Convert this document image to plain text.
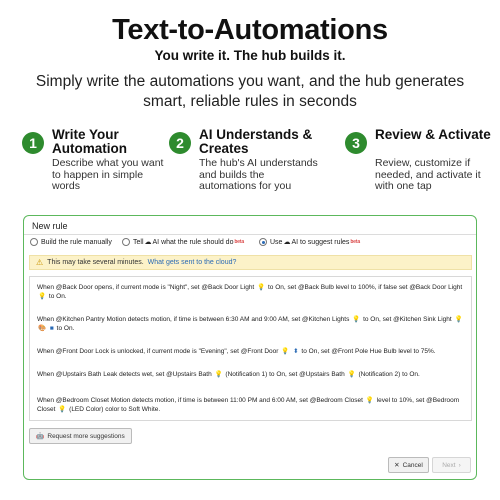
Text-to-Automations
You write it. The hub builds it.
Simply write the automations you want, and the hub generates smart, reliable rules in seconds
1
Write Your Automation
Describe what you want to happen in simple words
2
AI Understands & Creates
The hub's AI understands and builds the automations for you
3
Review & Activate
Review, customize if needed, and activate it with one tap
New rule
Build the rule manually	Tell ☁ AI what the rule should do beta	Use ☁ AI to suggest rules beta
⚠ This may take several minutes. What gets sent to the cloud?
When @Back Door opens, if current mode is "Night", set @Back Door Light 💡 to On, set @Back Bulb level to 100%, if false set @Back Door Light 💡 to On.
When @Kitchen Pantry Motion detects motion, if time is between 6:30 AM and 9:00 AM, set @Kitchen Lights 💡 to On, set @Kitchen Sink Light 💡 🎨 ■ to On.
When @Front Door Lock is unlocked, if current mode is "Evening", set @Front Door 💡 ⬍ to On, set @Front Pole Hue Bulb level to 75%.
When @Upstairs Bath Leak detects wet, set @Upstairs Bath 💡 (Notification 1) to On, set @Upstairs Bath 💡 (Notification 2) to On.
When @Bedroom Closet Motion detects motion, if time is between 11:00 PM and 6:00 AM, set @Bedroom Closet 💡 level to 10%, set @Bedroom Closet 💡 (LED Color) color to Soft White.
🤖 Request more suggestions
✕ Cancel	Next ›
